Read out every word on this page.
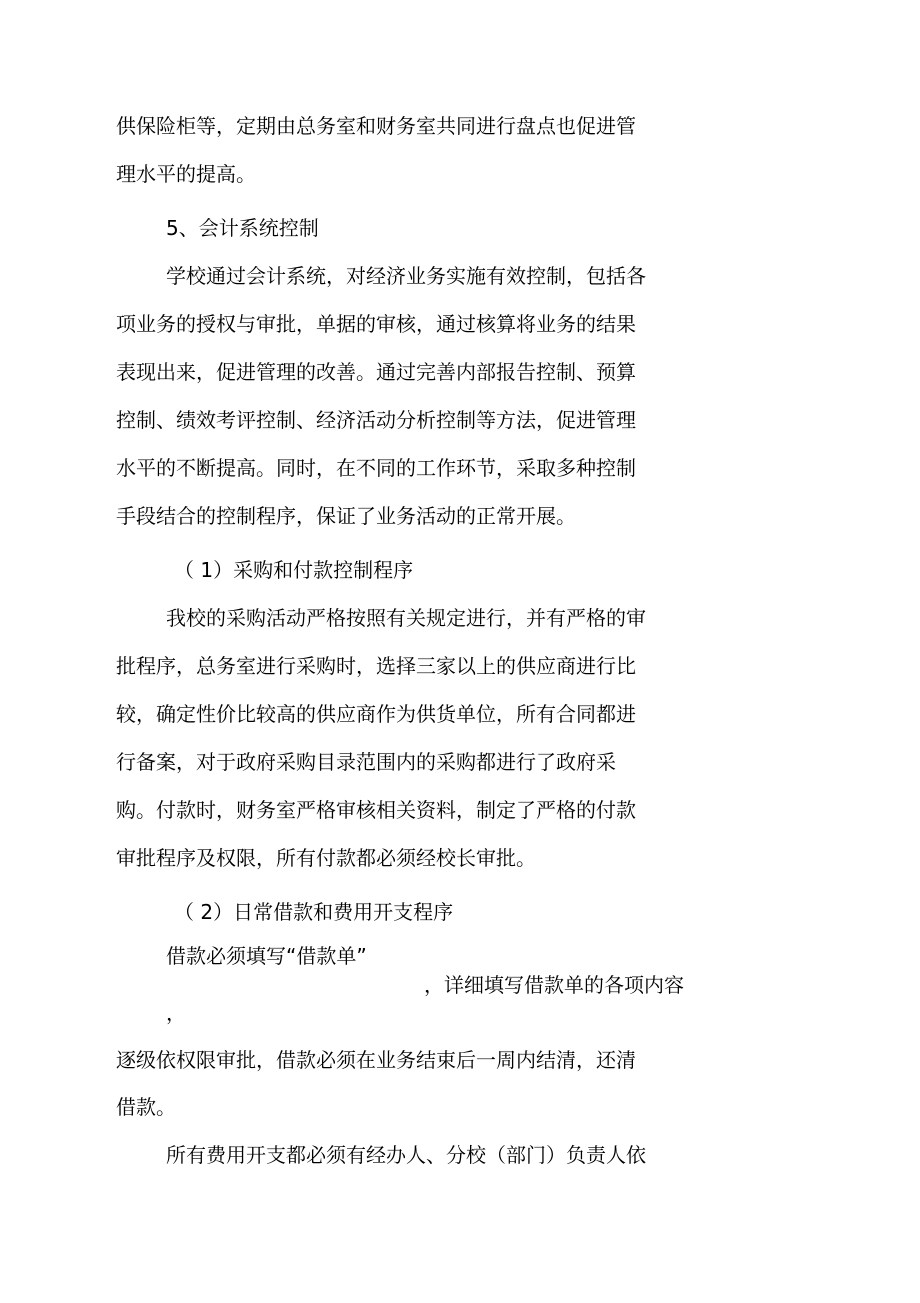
供保险柜等，定期由总务室和财务室共同进行盘点也促进管
理水平的提高。
5、会计系统控制
学校通过会计系统，对经济业务实施有效控制，包括各
项业务的授权与审批，单据的审核，通过核算将业务的结果
表现出来，促进管理的改善。通过完善内部报告控制、预算
控制、绩效考评控制、经济活动分析控制等方法，促进管理
水平的不断提高。同时，在不同的工作环节，采取多种控制
手段结合的控制程序，保证了业务活动的正常开展。
（ 1）采购和付款控制程序
我校的采购活动严格按照有关规定进行，并有严格的审
批程序，总务室进行采购时，选择三家以上的供应商进行比
较，确定性价比较高的供应商作为供货单位，所有合同都进
行备案，对于政府采购目录范围内的采购都进行了政府采
购。付款时，财务室严格审核相关资料，制定了严格的付款
审批程序及权限，所有付款都必须经校长审批。
（ 2）日常借款和费用开支程序
借款必须填写“借款单”
，详细填写借款单的各项内容
，
逐级依权限审批，借款必须在业务结束后一周内结清，还清
借款。
所有费用开支都必须有经办人、分校（部门）负责人依
